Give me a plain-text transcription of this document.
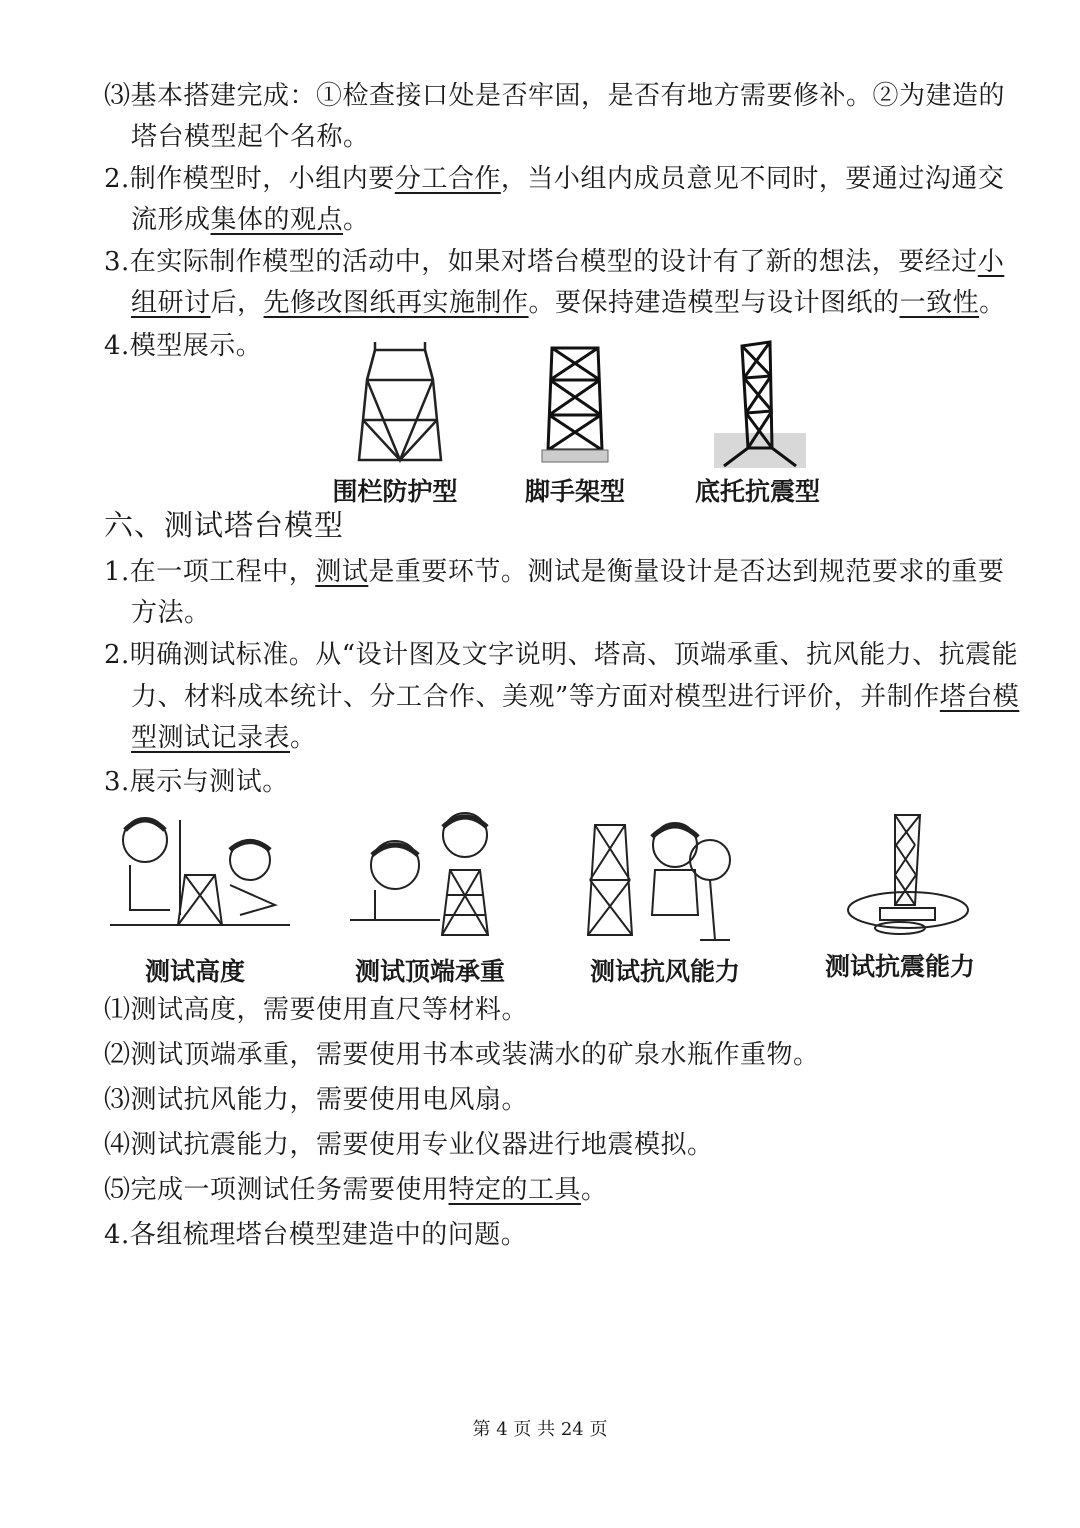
⑶基本搭建完成：①检查接口处是否牢固，是否有地方需要修补。②为建造的
塔台模型起个名称。
2.制作模型时，小组内要分工合作，当小组内成员意见不同时，要通过沟通交
流形成集体的观点。
3.在实际制作模型的活动中，如果对塔台模型的设计有了新的想法，要经过小
组研讨后，先修改图纸再实施制作。要保持建造模型与设计图纸的一致性。
4.模型展示。
围栏防护型	脚手架型	底托抗震型
六、测试塔台模型
1.在一项工程中，测试是重要环节。测试是衡量设计是否达到规范要求的重要
方法。
2.明确测试标准。从“设计图及文字说明、塔高、顶端承重、抗风能力、抗震能
力、材料成本统计、分工合作、美观”等方面对模型进行评价，并制作塔台模
型测试记录表。
3.展示与测试。
测试高度	测试顶端承重	测试抗风能力	测试抗震能力
⑴测试高度，需要使用直尺等材料。
⑵测试顶端承重，需要使用书本或装满水的矿泉水瓶作重物。
⑶测试抗风能力，需要使用电风扇。
⑷测试抗震能力，需要使用专业仪器进行地震模拟。
⑸完成一项测试任务需要使用特定的工具。
4.各组梳理塔台模型建造中的问题。
第 4 页 共 24 页
